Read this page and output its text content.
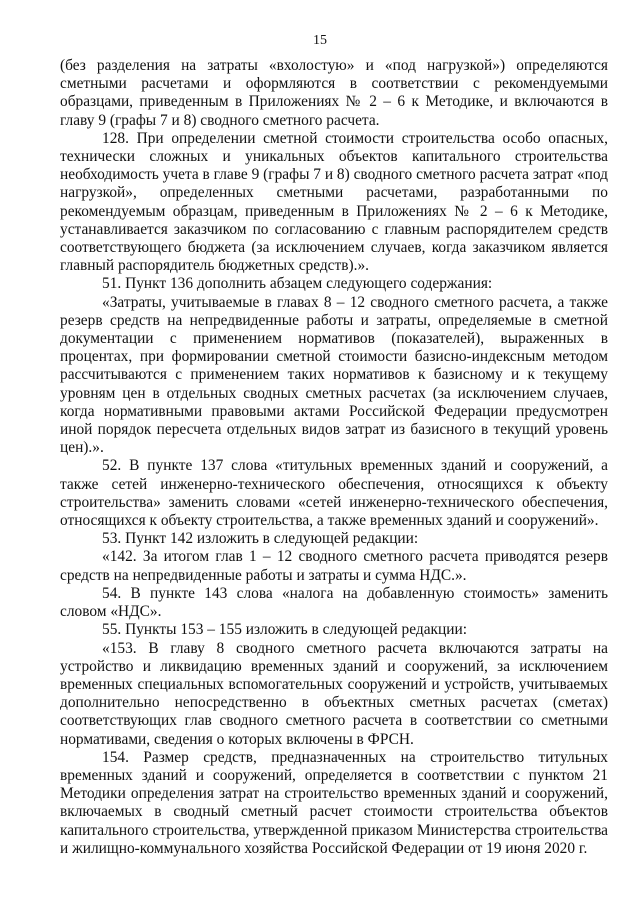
15

(без разделения на затраты «вхолостую» и «под нагрузкой») определяются сметными расчетами и оформляются в соответствии с рекомендуемыми образцами, приведенным в Приложениях № 2 – 6 к Методике, и включаются в главу 9 (графы 7 и 8) сводного сметного расчета.

128. При определении сметной стоимости строительства особо опасных, технически сложных и уникальных объектов капитального строительства необходимость учета в главе 9 (графы 7 и 8) сводного сметного расчета затрат «под нагрузкой», определенных сметными расчетами, разработанными по рекомендуемым образцам, приведенным в Приложениях № 2 – 6 к Методике, устанавливается заказчиком по согласованию с главным распорядителем средств соответствующего бюджета (за исключением случаев, когда заказчиком является главный распорядитель бюджетных средств).».

51. Пункт 136 дополнить абзацем следующего содержания:

«Затраты, учитываемые в главах 8 – 12 сводного сметного расчета, а также резерв средств на непредвиденные работы и затраты, определяемые в сметной документации с применением нормативов (показателей), выраженных в процентах, при формировании сметной стоимости базисно-индексным методом рассчитываются с применением таких нормативов к базисному и к текущему уровням цен в отдельных сводных сметных расчетах (за исключением случаев, когда нормативными правовыми актами Российской Федерации предусмотрен иной порядок пересчета отдельных видов затрат из базисного в текущий уровень цен).».

52. В пункте 137 слова «титульных временных зданий и сооружений, а также сетей инженерно-технического обеспечения, относящихся к объекту строительства» заменить словами «сетей инженерно-технического обеспечения, относящихся к объекту строительства, а также временных зданий и сооружений».

53. Пункт 142 изложить в следующей редакции:

«142. За итогом глав 1 – 12 сводного сметного расчета приводятся резерв средств на непредвиденные работы и затраты и сумма НДС.».

54. В пункте 143 слова «налога на добавленную стоимость» заменить словом «НДС».

55. Пункты 153 – 155 изложить в следующей редакции:

«153. В главу 8 сводного сметного расчета включаются затраты на устройство и ликвидацию временных зданий и сооружений, за исключением временных специальных вспомогательных сооружений и устройств, учитываемых дополнительно непосредственно в объектных сметных расчетах (сметах) соответствующих глав сводного сметного расчета в соответствии со сметными нормативами, сведения о которых включены в ФРСН.

154. Размер средств, предназначенных на строительство титульных временных зданий и сооружений, определяется в соответствии с пунктом 21 Методики определения затрат на строительство временных зданий и сооружений, включаемых в сводный сметный расчет стоимости строительства объектов капитального строительства, утвержденной приказом Министерства строительства и жилищно-коммунального хозяйства Российской Федерации от 19 июня 2020 г.
